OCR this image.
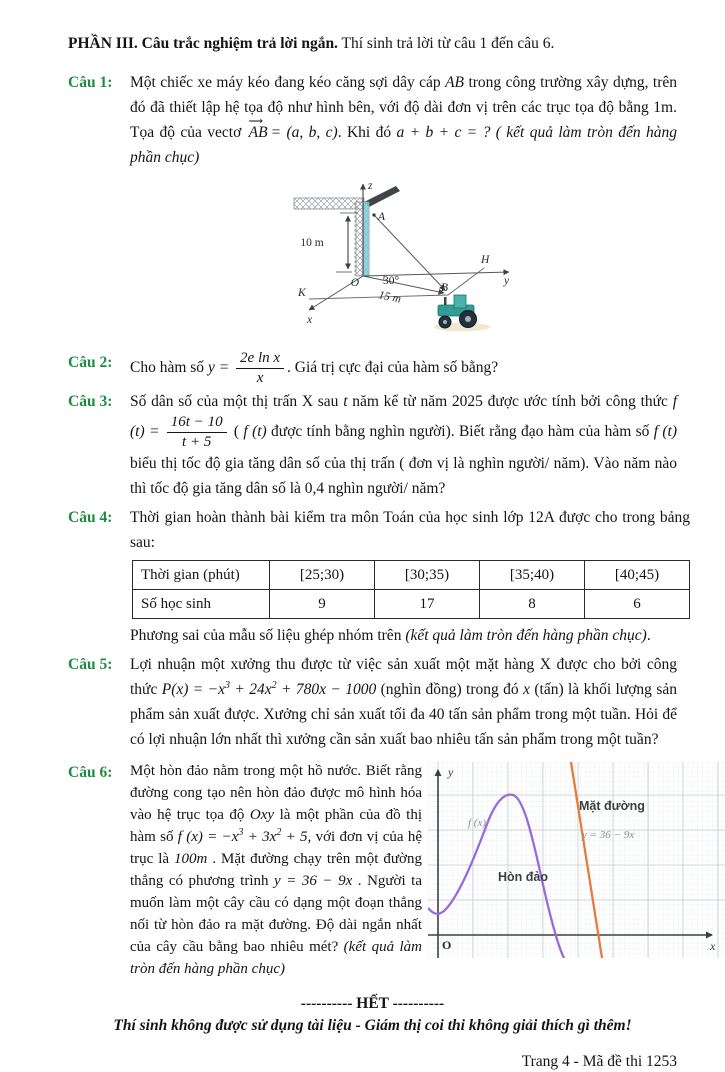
PHẦN III. Câu trắc nghiệm trả lời ngắn. Thí sinh trả lời từ câu 1 đến câu 6.
Câu 1:	Một chiếc xe máy kéo đang kéo căng sợi dây cáp AB trong công trường xây dựng, trên đó đã thiết lập hệ tọa độ như hình bên, với độ dài đơn vị trên các trục tọa độ bằng 1m. Tọa độ của vectơ
⟶
AB = (a, b, c). Khi đó a + b + c = ? ( kết quả làm tròn đến hàng phần chục)
z
10 m
30°
A
O
H
y
K
x
B
15 m
Câu 2:	Cho hàm số $y = \frac{\text{2e ln x}}{x}$ . Giá trị cực đại của hàm số bằng?
Câu 3:	Số dân số của một thị trấn X sau t năm kể từ năm 2025 được ước tính bởi công thức f $(t) = \frac{16t - 10}{t + 5}$ ( f (t) được tính bằng nghìn người). Biết rằng đạo hàm của hàm số f (t) biểu thị tốc độ gia tăng dân số của thị trấn ( đơn vị là nghìn người/ năm). Vào năm nào thì tốc độ gia tăng dân số là 0,4 nghìn người/ năm?
Câu 4:	Thời gian hoàn thành bài kiểm tra môn Toán của học sinh lớp 12A được cho trong bảng sau:
Thời gian (phút)	[25;30)	[30;35)	[35;40)	[40;45)
Số học sinh	9	17	8	6
Phương sai của mẫu số liệu ghép nhóm trên (kết quả làm tròn đến hàng phần chục).
Câu 5:	Lợi nhuận một xưởng thu được từ việc sản xuất một mặt hàng X được cho bởi công thức $P(x) = -x^3 + 24x^2 + 780x - 1000$ (nghìn đồng) trong đó x (tấn) là khối lượng sản phẩm sản xuất được. Xưởng chỉ sản xuất tối đa 40 tấn sản phẩm trong một tuần. Hỏi để có lợi nhuận lớn nhất thì xưởng cần sản xuất bao nhiêu tấn sản phẩm trong một tuần?
Câu 6:	Một hòn đảo nằm trong một hồ nước. Biết rằng đường cong tạo nên hòn đảo được mô hình hóa vào hệ trục tọa độ Oxy là một phần của đồ thị hàm số f $(x) = -x^3 + 3x^2 + 5$, với đơn vị của hệ trục là 100m . Mặt đường chạy trên một đường thẳng có phương trình y = 36 − 9x . Người ta muốn làm một cây cầu có dạng một đoạn thẳng nối từ hòn đảo ra mặt đường. Độ dài ngắn nhất của cây cầu bằng bao nhiêu mét? (kết quả làm tròn đến hàng phần chục)
y
x
O
f (x)
Hòn đảo
Mặt đường
y = 36 − 9x
---------- HẾT ----------
Thí sinh không được sử dụng tài liệu - Giám thị coi thi không giải thích gì thêm!
Trang 4 - Mã đề thi 1253
